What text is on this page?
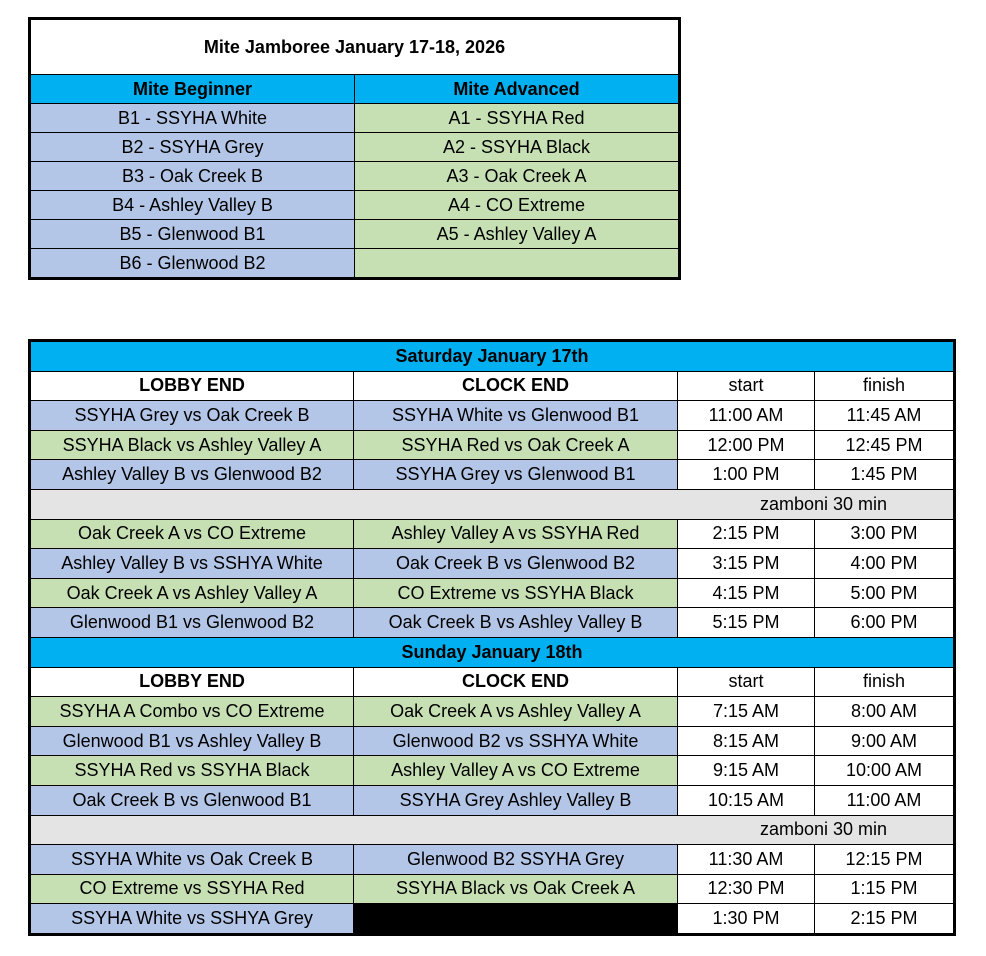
Mite Jamboree January 17-18, 2026	
Mite Beginner	Mite Advanced
B1 - SSYHA White	A1 - SSYHA Red
B2 - SSYHA Grey	A2 - SSYHA Black
B3 - Oak Creek B	A3 - Oak Creek A
B4 - Ashley Valley B	A4 - CO Extreme
B5 - Glenwood B1	A5 - Ashley Valley A
B6 - Glenwood B2	
Saturday January 17th			
LOBBY END	CLOCK END	start	finish
SSYHA Grey vs Oak Creek B	SSYHA White vs Glenwood B1	11:00 AM	11:45 AM
SSYHA Black vs Ashley Valley A	SSYHA Red vs Oak Creek A	12:00 PM	12:45 PM
Ashley Valley B vs Glenwood B2	SSYHA Grey vs Glenwood B1	1:00 PM	1:45 PM
zamboni 30 min			
Oak Creek A vs CO Extreme	Ashley Valley A vs SSYHA Red	2:15 PM	3:00 PM
Ashley Valley B vs SSHYA White	Oak Creek B vs Glenwood B2	3:15 PM	4:00 PM
Oak Creek A vs Ashley Valley A	CO Extreme vs SSYHA Black	4:15 PM	5:00 PM
Glenwood B1 vs Glenwood B2	Oak Creek B vs Ashley Valley B	5:15 PM	6:00 PM
Sunday January 18th			
LOBBY END	CLOCK END	start	finish
SSYHA A Combo vs CO Extreme	Oak Creek A vs Ashley Valley A	7:15 AM	8:00 AM
Glenwood B1 vs Ashley Valley B	Glenwood B2 vs SSHYA White	8:15 AM	9:00 AM
SSYHA Red vs SSYHA Black	Ashley Valley A vs CO Extreme	9:15 AM	10:00 AM
Oak Creek B vs Glenwood B1	SSYHA Grey Ashley Valley B	10:15 AM	11:00 AM
zamboni 30 min			
SSYHA White vs Oak Creek B	Glenwood B2 SSYHA Grey	11:30 AM	12:15 PM
CO Extreme vs SSYHA Red	SSYHA Black vs Oak Creek A	12:30 PM	1:15 PM
SSYHA White vs SSHYA Grey		1:30 PM	2:15 PM
